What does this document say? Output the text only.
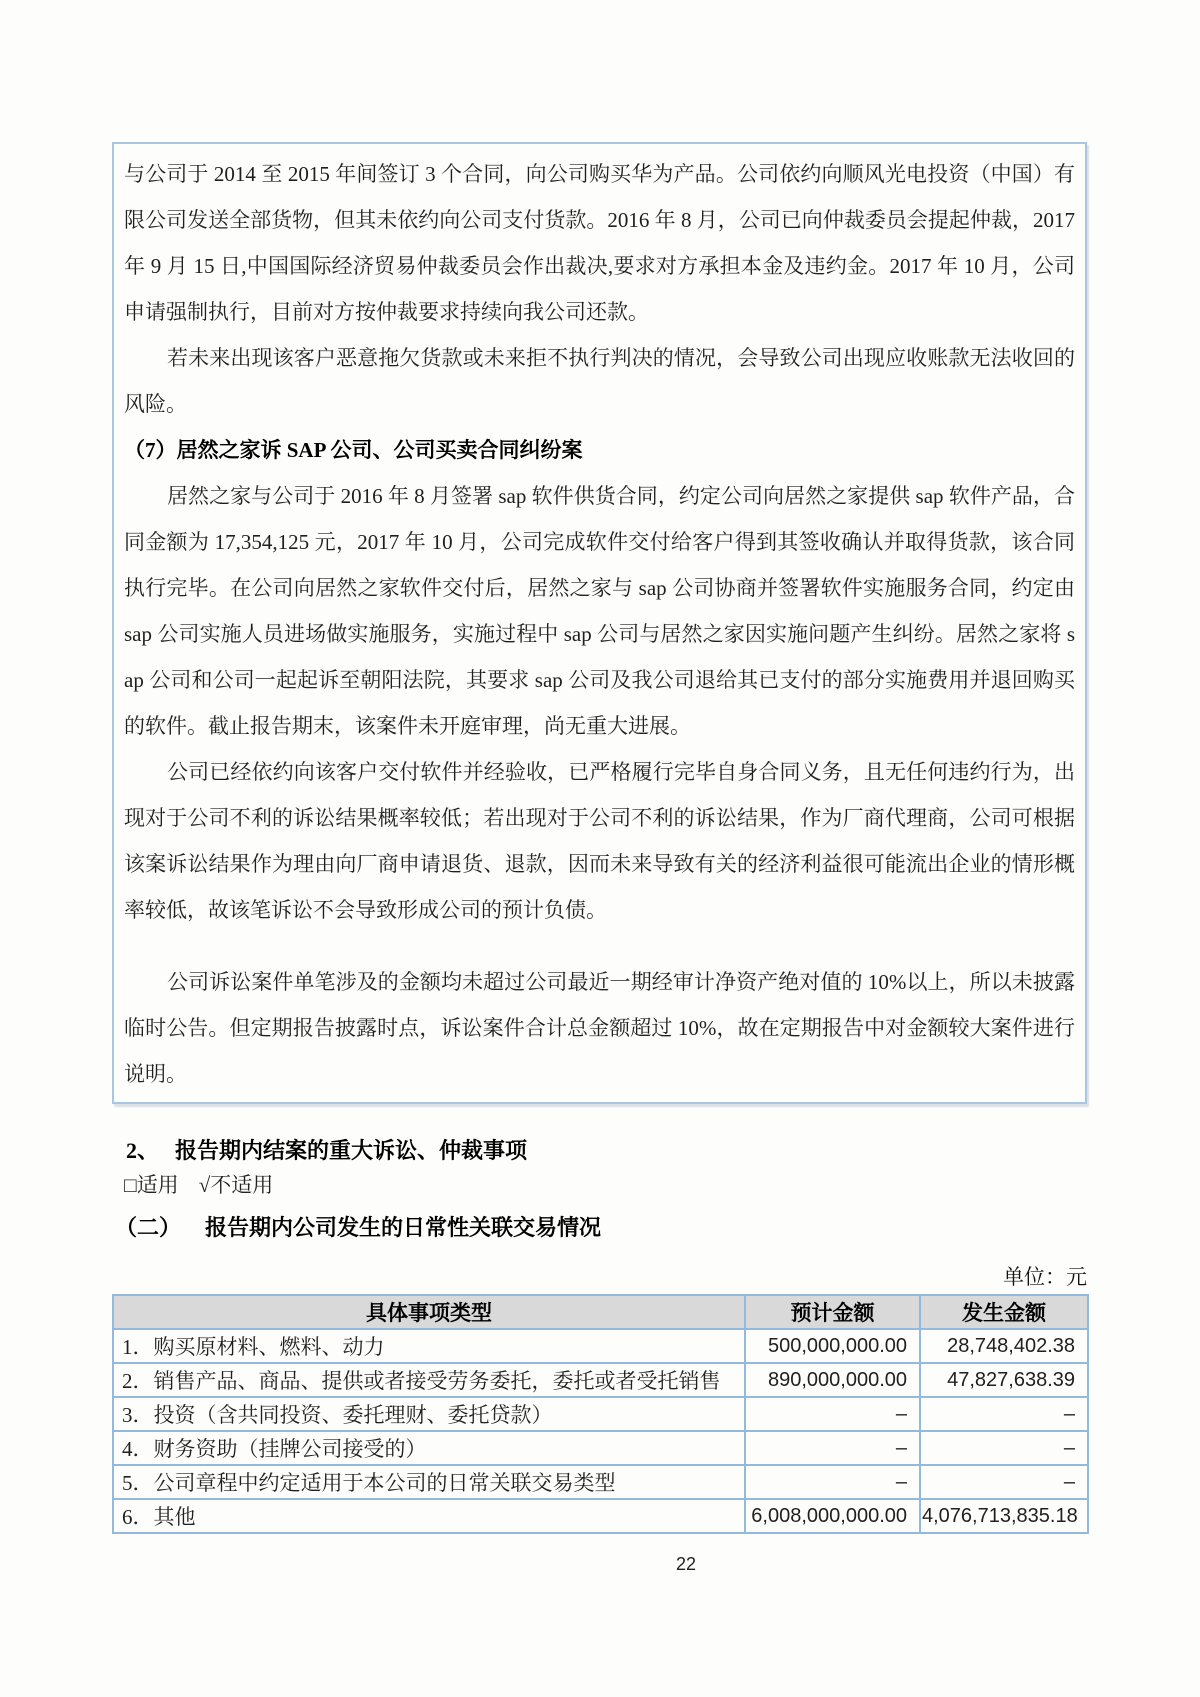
与公司于 2014 至 2015 年间签订 3 个合同，向公司购买华为产品。公司依约向顺风光电投资（中国）有限公司发送全部货物，但其未依约向公司支付货款。2016 年 8 月，公司已向仲裁委员会提起仲裁，2017 年 9 月 15 日,中国国际经济贸易仲裁委员会作出裁决,要求对方承担本金及违约金。2017 年 10 月，公司申请强制执行，目前对方按仲裁要求持续向我公司还款。

若未来出现该客户恶意拖欠货款或未来拒不执行判决的情况，会导致公司出现应收账款无法收回的风险。

（7）居然之家诉 SAP 公司、公司买卖合同纠纷案

居然之家与公司于 2016 年 8 月签署 sap 软件供货合同，约定公司向居然之家提供 sap 软件产品，合同金额为 17,354,125 元，2017 年 10 月，公司完成软件交付给客户得到其签收确认并取得货款，该合同执行完毕。在公司向居然之家软件交付后，居然之家与 sap 公司协商并签署软件实施服务合同，约定由 sap 公司实施人员进场做实施服务，实施过程中 sap 公司与居然之家因实施问题产生纠纷。居然之家将 sap 公司和公司一起起诉至朝阳法院，其要求 sap 公司及我公司退给其已支付的部分实施费用并退回购买的软件。截止报告期末，该案件未开庭审理，尚无重大进展。

公司已经依约向该客户交付软件并经验收，已严格履行完毕自身合同义务，且无任何违约行为，出现对于公司不利的诉讼结果概率较低；若出现对于公司不利的诉讼结果，作为厂商代理商，公司可根据该案诉讼结果作为理由向厂商申请退货、退款，因而未来导致有关的经济利益很可能流出企业的情形概率较低，故该笔诉讼不会导致形成公司的预计负债。

公司诉讼案件单笔涉及的金额均未超过公司最近一期经审计净资产绝对值的 10%以上，所以未披露临时公告。但定期报告披露时点，诉讼案件合计总金额超过 10%，故在定期报告中对金额较大案件进行说明。

2、 报告期内结案的重大诉讼、仲裁事项
□适用 √不适用
（二） 报告期内公司发生的日常性关联交易情况
单位：元
具体事项类型	预计金额	发生金额
1．购买原材料、燃料、动力	500,000,000.00	28,748,402.38
2．销售产品、商品、提供或者接受劳务委托，委托或者受托销售	890,000,000.00	47,827,638.39
3．投资（含共同投资、委托理财、委托贷款）	–	–
4．财务资助（挂牌公司接受的）	–	–
5．公司章程中约定适用于本公司的日常关联交易类型	–	–
6．其他	6,008,000,000.00	4,076,713,835.18
22
